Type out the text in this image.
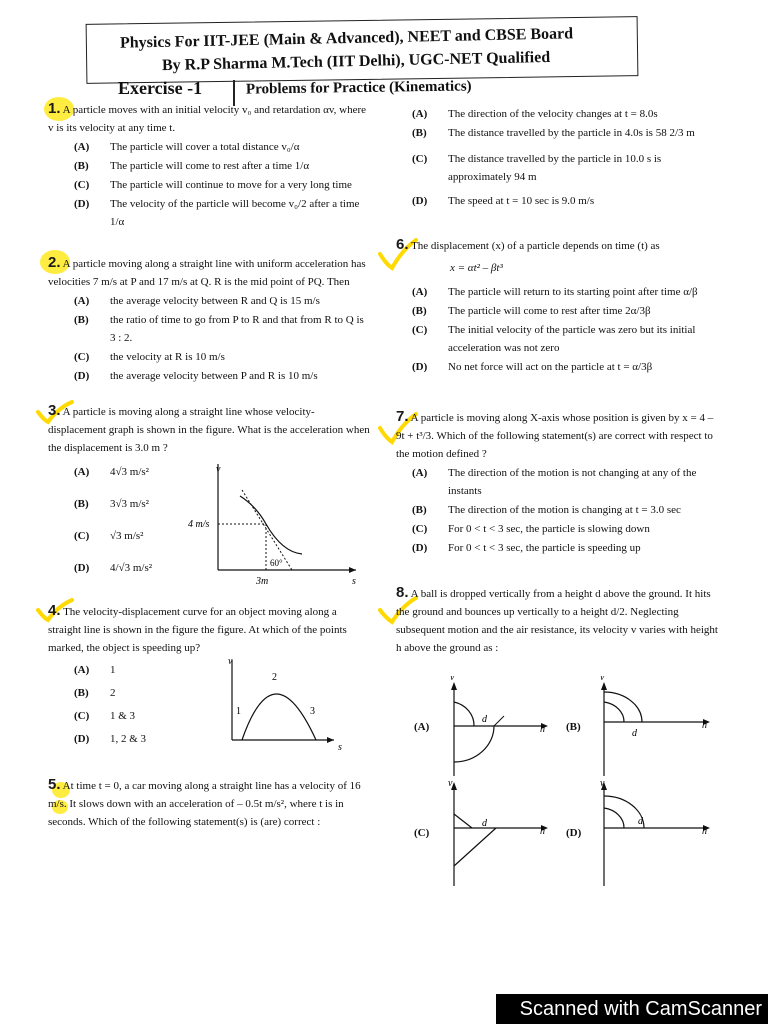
Physics For IIT-JEE (Main & Advanced), NEET and CBSE Board
By R.P Sharma M.Tech (IIT Delhi), UGC-NET Qualified
Exercise -1	Problems for Practice (Kinematics)
1. A particle moves with an initial velocity v₀ and retardation αv, where v is its velocity at any time t.
(A)	The particle will cover a total distance v₀/α
(B)	The particle will come to rest after a time 1/α
(C)	The particle will continue to move for a very long time
(D)	The velocity of the particle will become v₀/2 after a time 1/α
2. A particle moving along a straight line with uniform acceleration has velocities 7 m/s at P and 17 m/s at Q. R is the mid point of PQ. Then
(A)	the average velocity between R and Q is 15 m/s
(B)	the ratio of time to go from P to R and that from R to Q is 3 : 2.
(C)	the velocity at R is 10 m/s
(D)	the average velocity between P and R is 10 m/s
3. A particle is moving along a straight line whose velocity-displacement graph is shown in the figure. What is the acceleration when the displacement is 3.0 m ?
(A)	4√3 m/s²
(B)	3√3 m/s²
(C)	√3 m/s²
(D)	4/√3 m/s²
v
s
4 m/s
3m
60°
4. The velocity-displacement curve for an object moving along a straight line is shown in the figure the figure. At which of the points marked, the object is speeding up?
(A)	1
(B)	2
(C)	1 & 3
(D)	1, 2 & 3
v
s
1
2
3
5. At time t = 0, a car moving along a straight line has a velocity of 16 m/s. It slows down with an acceleration of – 0.5t m/s², where t is in seconds. Which of the following statement(s) is (are) correct :
(A)	The direction of the velocity changes at t = 8.0s
(B)	The distance travelled by the particle in 4.0s is 58 2/3 m
(C)	The distance travelled by the particle in 10.0 s is approximately 94 m
(D)	The speed at t = 10 sec is 9.0 m/s
6. The displacement (x) of a particle depends on time (t) as
x = αt² – βt³
(A)	The particle will return to its starting point after time α/β
(B)	The particle will come to rest after time 2α/3β
(C)	The initial velocity of the particle was zero but its initial acceleration was not zero
(D)	No net force will act on the particle at t = α/3β
7. A particle is moving along X-axis whose position is given by x = 4 – 9t + t³/3. Which of the following statement(s) are correct with respect to the motion defined ?
(A)	The direction of the motion is not changing at any of the instants
(B)	The direction of the motion is changing at t = 3.0 sec
(C)	For 0 < t < 3 sec, the particle is slowing down
(D)	For 0 < t < 3 sec, the particle is speeding up
8. A ball is dropped vertically from a height d above the ground. It hits the ground and bounces up vertically to a height d/2. Neglecting subsequent motion and the air resistance, its velocity v varies with height h above the ground as :
(A)
v
h
d
(B)
v
h
d
(C)
v
h
d
(D)
v
h
d
Scanned with CamScanner
